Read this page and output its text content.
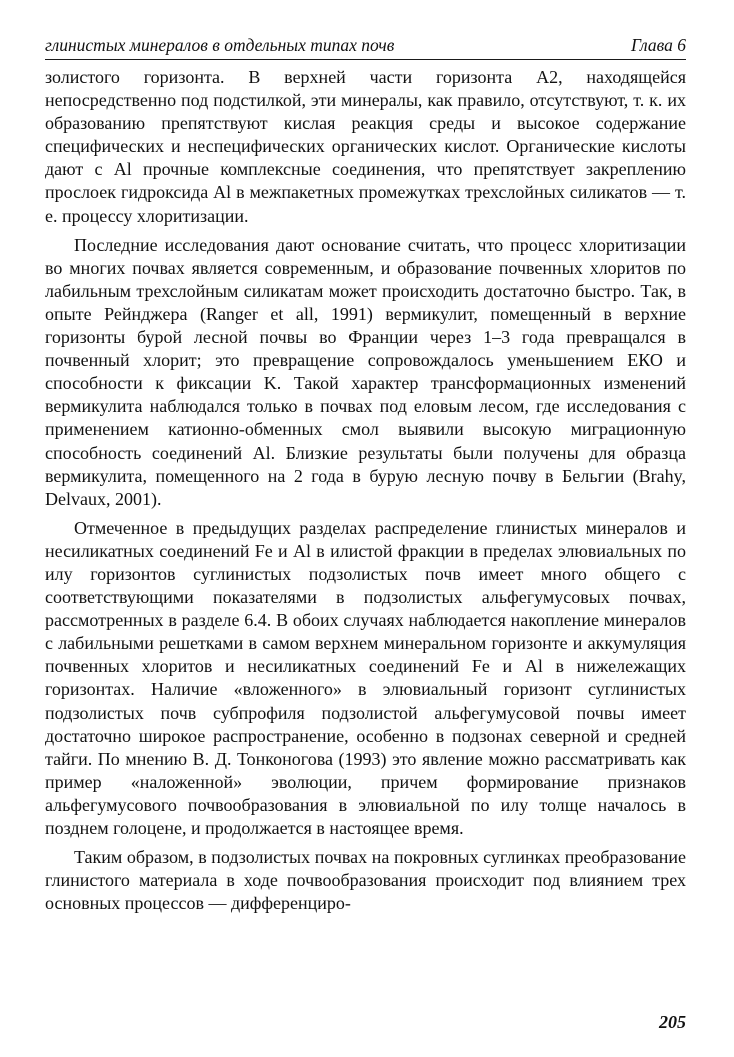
глинистых минералов в отдельных типах почв	Глава 6

золистого горизонта. В верхней части горизонта А2, находящейся непосредственно под подстилкой, эти минералы, как правило, отсутствуют, т. к. их образованию препятствуют кислая реакция среды и высокое содержание специфических и неспецифических органических кислот. Органические кислоты дают с Al прочные комплексные соединения, что препятствует закреплению прослоек гидроксида Al в межпакетных промежутках трехслойных силикатов — т. е. процессу хлоритизации.

Последние исследования дают основание считать, что процесс хлоритизации во многих почвах является современным, и образование почвенных хлоритов по лабильным трехслойным силикатам может происходить достаточно быстро. Так, в опыте Рейнджера (Ranger et all, 1991) вермикулит, помещенный в верхние горизонты бурой лесной почвы во Франции через 1–3 года превращался в почвенный хлорит; это превращение сопровождалось уменьшением ЕКО и способности к фиксации K. Такой характер трансформационных изменений вермикулита наблюдался только в почвах под еловым лесом, где исследования с применением катионно-обменных смол выявили высокую миграционную способность соединений Al. Близкие результаты были получены для образца вермикулита, помещенного на 2 года в бурую лесную почву в Бельгии (Brahy, Delvaux, 2001).

Отмеченное в предыдущих разделах распределение глинистых минералов и несиликатных соединений Fe и Al в илистой фракции в пределах элювиальных по илу горизонтов суглинистых подзолистых почв имеет много общего с соответствующими показателями в подзолистых альфегумусовых почвах, рассмотренных в разделе 6.4. В обоих случаях наблюдается накопление минералов с лабильными решетками в самом верхнем минеральном горизонте и аккумуляция почвенных хлоритов и несиликатных соединений Fe и Al в нижележащих горизонтах. Наличие «вложенного» в элювиальный горизонт суглинистых подзолистых почв субпрофиля подзолистой альфегумусовой почвы имеет достаточно широкое распространение, особенно в подзонах северной и средней тайги. По мнению В. Д. Тонконогова (1993) это явление можно рассматривать как пример «наложенной» эволюции, причем формирование признаков альфегумусового почвообразования в элювиальной по илу толще началось в позднем голоцене, и продолжается в настоящее время.

Таким образом, в подзолистых почвах на покровных суглинках преобразование глинистого материала в ходе почвообразования происходит под влиянием трех основных процессов — дифференциро-

205
